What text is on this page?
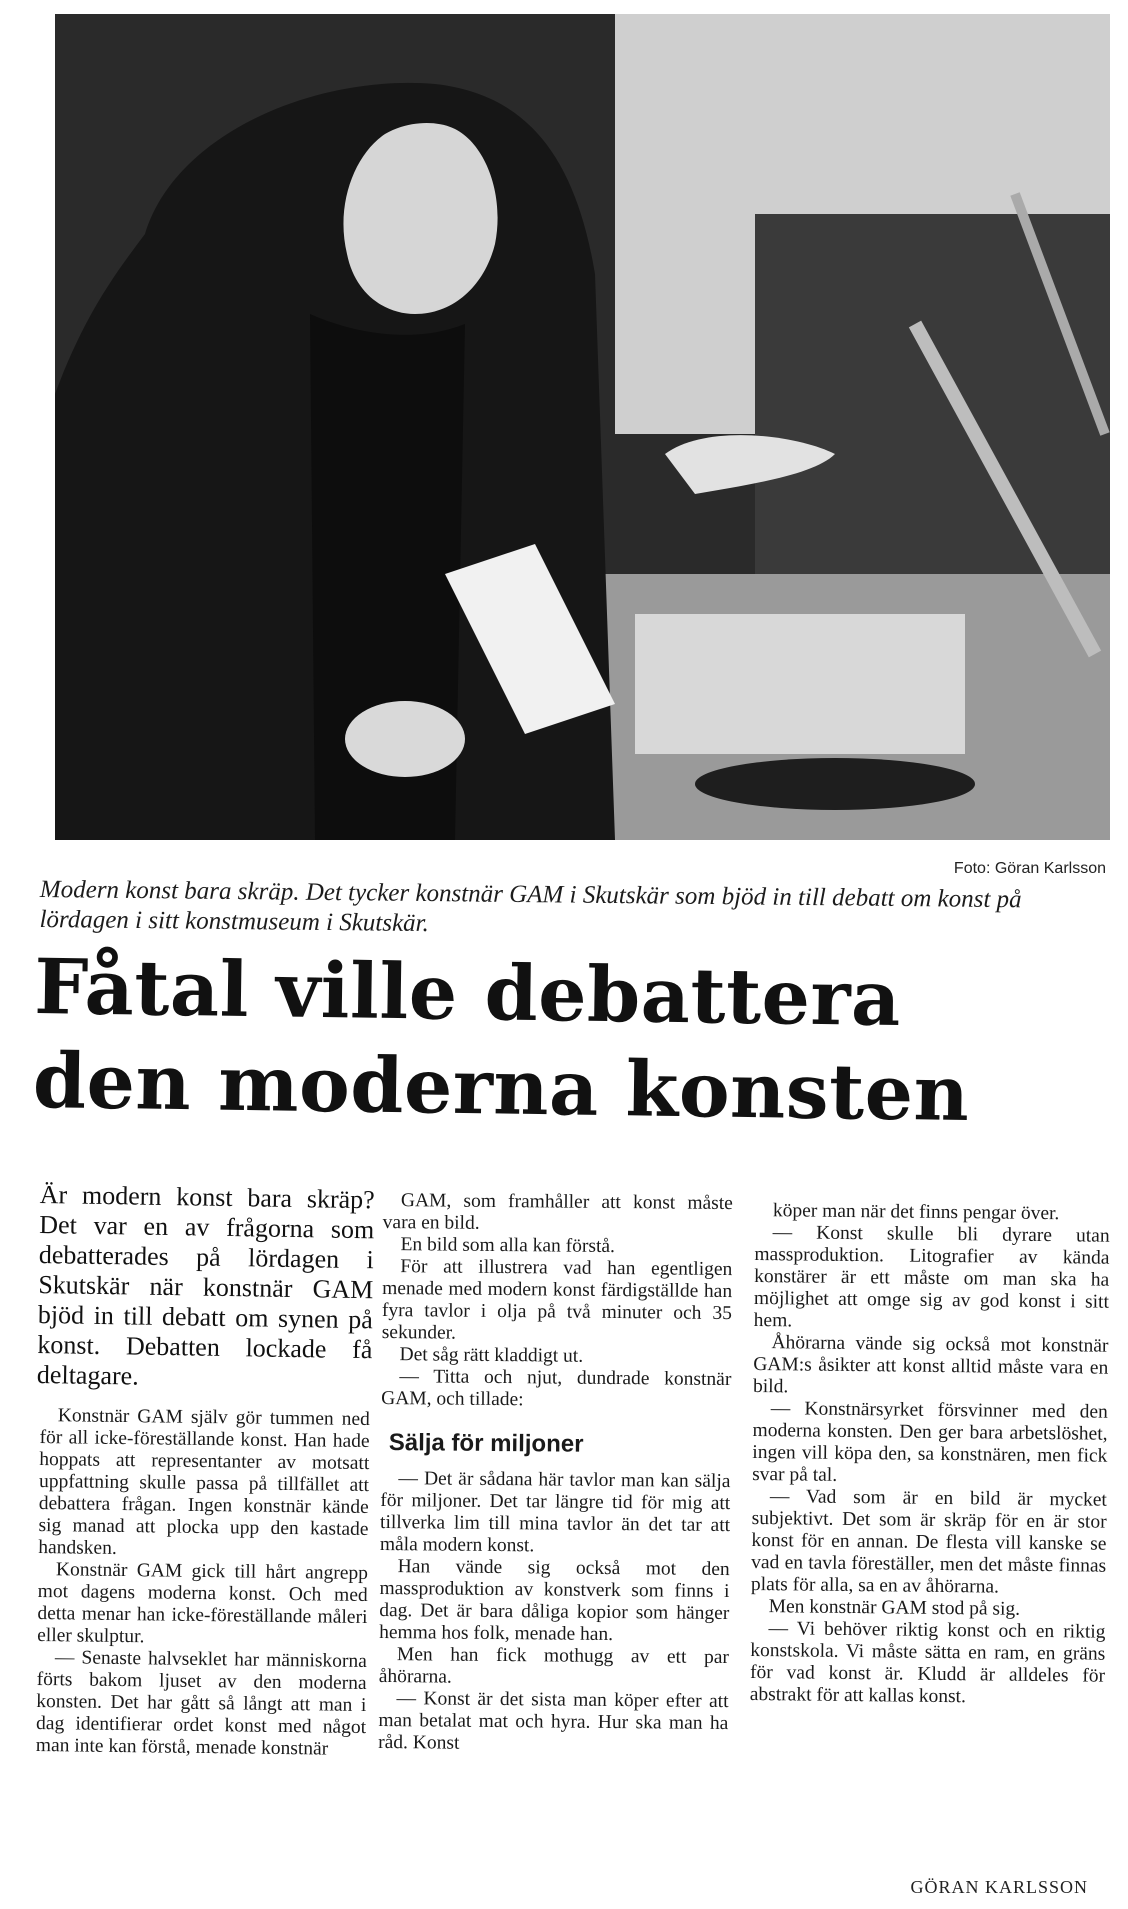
Foto: Göran Karlsson
Modern konst bara skräp. Det tycker konstnär GAM i Skutskär som bjöd in till debatt om konst på lördagen i sitt konstmuseum i Skutskär.
Fåtal ville debattera
den moderna konsten

Är modern konst bara skräp? Det var en av frågorna som debatterades på lördagen i Skutskär när konstnär GAM bjöd in till debatt om synen på konst. Debatten lockade få deltagare.

Konstnär GAM själv gör tummen ned för all icke-föreställande konst. Han hade hoppats att representanter av motsatt uppfattning skulle passa på tillfället att debattera frågan. Ingen konstnär kände sig manad att plocka upp den kastade handsken.

Konstnär GAM gick till hårt angrepp mot dagens moderna konst. Och med detta menar han icke-föreställande måleri eller skulptur.

— Senaste halvseklet har människorna förts bakom ljuset av den moderna konsten. Det har gått så långt att man i dag identifierar ordet konst med något man inte kan förstå, menade konstnär

GAM, som framhåller att konst måste vara en bild.

En bild som alla kan förstå.

För att illustrera vad han egentligen menade med modern konst färdigställde han fyra tavlor i olja på två minuter och 35 sekunder.

Det såg rätt kladdigt ut.

— Titta och njut, dundrade konstnär GAM, och tillade:

Sälja för miljoner

— Det är sådana här tavlor man kan sälja för miljoner. Det tar längre tid för mig att tillverka lim till mina tavlor än det tar att måla modern konst.

Han vände sig också mot den massproduktion av konstverk som finns i dag. Det är bara dåliga kopior som hänger hemma hos folk, menade han.

Men han fick mothugg av ett par åhörarna.

— Konst är det sista man köper efter att man betalat mat och hyra. Hur ska man ha råd. Konst

köper man när det finns pengar över.

— Konst skulle bli dyrare utan massproduktion. Litografier av kända konstärer är ett måste om man ska ha möjlighet att omge sig av god konst i sitt hem.

Åhörarna vände sig också mot konstnär GAM:s åsikter att konst alltid måste vara en bild.

— Konstnärsyrket försvinner med den moderna konsten. Den ger bara arbetslöshet, ingen vill köpa den, sa konstnären, men fick svar på tal.

— Vad som är en bild är mycket subjektivt. Det som är skräp för en är stor konst för en annan. De flesta vill kanske se vad en tavla föreställer, men det måste finnas plats för alla, sa en av åhörarna.

Men konstnär GAM stod på sig.

— Vi behöver riktig konst och en riktig konstskola. Vi måste sätta en ram, en gräns för vad konst är. Kludd är alldeles för abstrakt för att kallas konst.

GÖRAN KARLSSON
